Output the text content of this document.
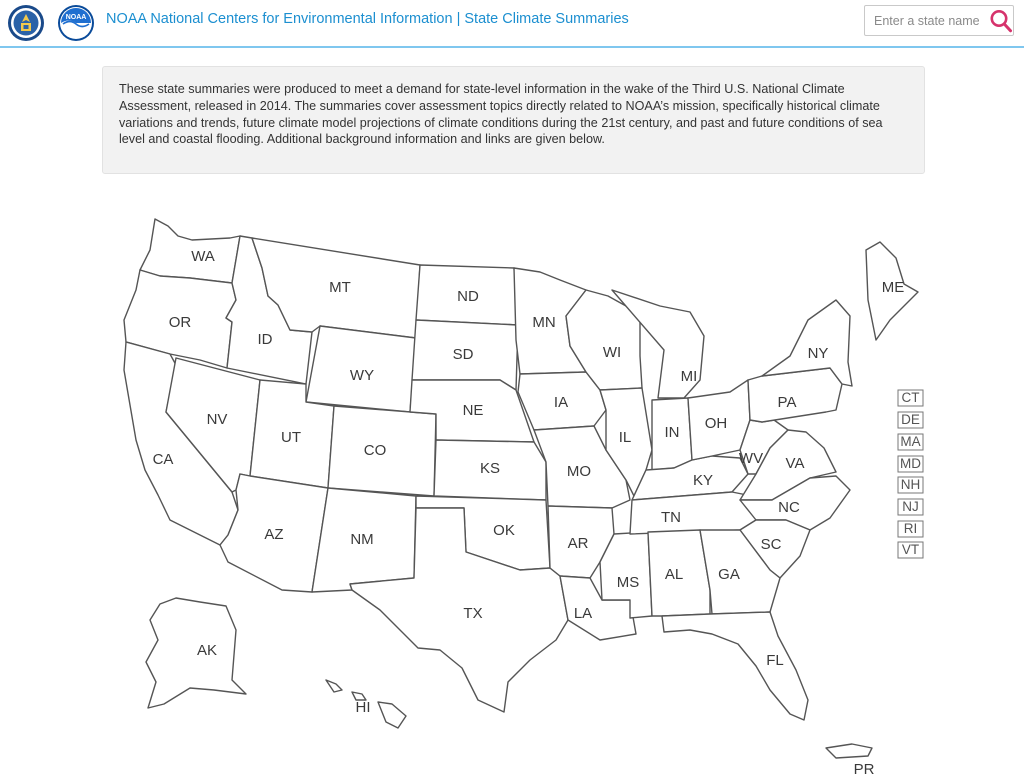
NOAA NOAA National Centers for Environmental Information | State Climate Summaries
Enter a state name
These state summaries were produced to meet a demand for state-level information in the wake of the Third U.S. National Climate Assessment, released in 2014. The summaries cover assessment topics directly related to NOAA’s mission, specifically historical climate variations and trends, future climate model projections of climate conditions during the 21st century, and past and future conditions of sea level and coastal flooding. Additional background information and links are given below.
WA
OR
CA
ID
NV
MT
WY
UT
AZ
CO
NM
ND
SD
NE
KS
OK
TX
MN
IA
MO
AR
LA
WI
IL
MS
MI
IN
KY
TN
AL
OH
WV VA
NC
SC
GA
FL
PA
NY
ME
AK
HI
PR
CT
DE
MA
MD
NH
NJ
RI
VT
